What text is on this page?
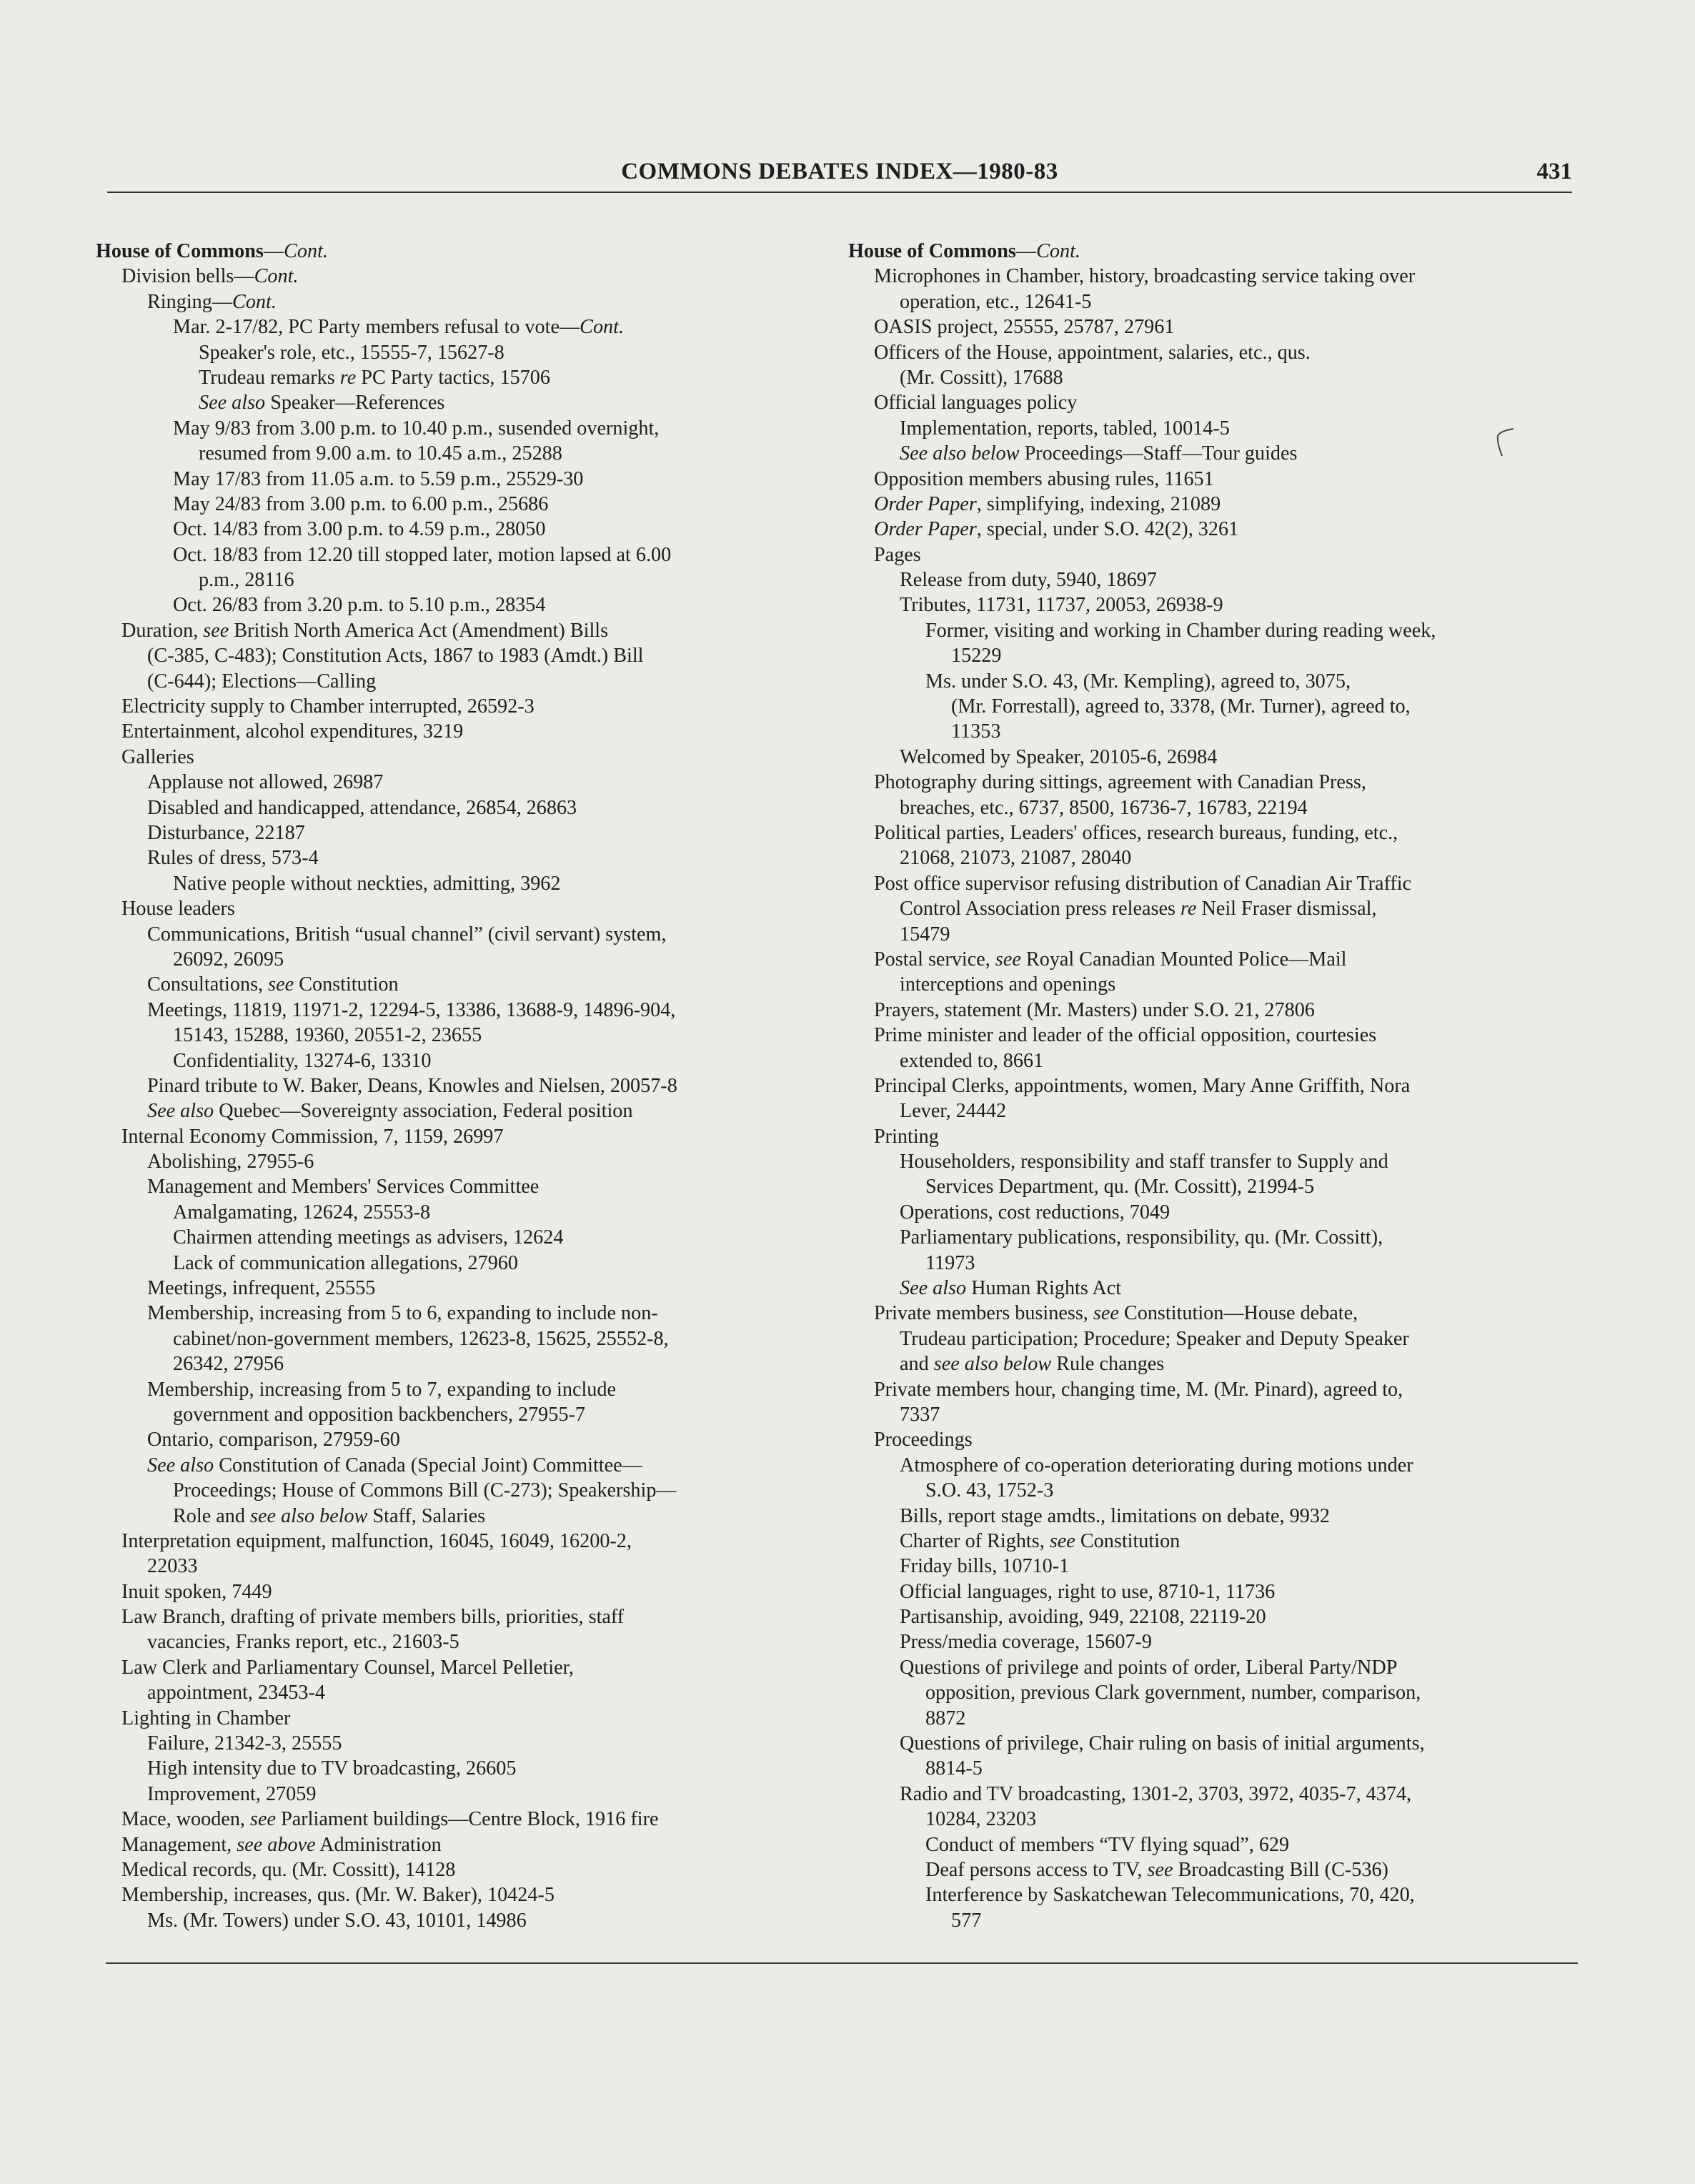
COMMONS DEBATES INDEX—1980-83	431
House of Commons—Cont.
Division bells—Cont.
Ringing—Cont.
Mar. 2-17/82, PC Party members refusal to vote—Cont.
Speaker's role, etc., 15555-7, 15627-8
Trudeau remarks re PC Party tactics, 15706
See also Speaker—References
May 9/83 from 3.00 p.m. to 10.40 p.m., susended overnight,
resumed from 9.00 a.m. to 10.45 a.m., 25288
May 17/83 from 11.05 a.m. to 5.59 p.m., 25529-30
May 24/83 from 3.00 p.m. to 6.00 p.m., 25686
Oct. 14/83 from 3.00 p.m. to 4.59 p.m., 28050
Oct. 18/83 from 12.20 till stopped later, motion lapsed at 6.00
p.m., 28116
Oct. 26/83 from 3.20 p.m. to 5.10 p.m., 28354
Duration, see British North America Act (Amendment) Bills
(C-385, C-483); Constitution Acts, 1867 to 1983 (Amdt.) Bill
(C-644); Elections—Calling
Electricity supply to Chamber interrupted, 26592-3
Entertainment, alcohol expenditures, 3219
Galleries
Applause not allowed, 26987
Disabled and handicapped, attendance, 26854, 26863
Disturbance, 22187
Rules of dress, 573-4
Native people without neckties, admitting, 3962
House leaders
Communications, British “usual channel” (civil servant) system,
26092, 26095
Consultations, see Constitution
Meetings, 11819, 11971-2, 12294-5, 13386, 13688-9, 14896-904,
15143, 15288, 19360, 20551-2, 23655
Confidentiality, 13274-6, 13310
Pinard tribute to W. Baker, Deans, Knowles and Nielsen, 20057-8
See also Quebec—Sovereignty association, Federal position
Internal Economy Commission, 7, 1159, 26997
Abolishing, 27955-6
Management and Members' Services Committee
Amalgamating, 12624, 25553-8
Chairmen attending meetings as advisers, 12624
Lack of communication allegations, 27960
Meetings, infrequent, 25555
Membership, increasing from 5 to 6, expanding to include non-
cabinet/non-government members, 12623-8, 15625, 25552-8,
26342, 27956
Membership, increasing from 5 to 7, expanding to include
government and opposition backbenchers, 27955-7
Ontario, comparison, 27959-60
See also Constitution of Canada (Special Joint) Committee—
Proceedings; House of Commons Bill (C-273); Speakership—
Role and see also below Staff, Salaries
Interpretation equipment, malfunction, 16045, 16049, 16200-2,
22033
Inuit spoken, 7449
Law Branch, drafting of private members bills, priorities, staff
vacancies, Franks report, etc., 21603-5
Law Clerk and Parliamentary Counsel, Marcel Pelletier,
appointment, 23453-4
Lighting in Chamber
Failure, 21342-3, 25555
High intensity due to TV broadcasting, 26605
Improvement, 27059
Mace, wooden, see Parliament buildings—Centre Block, 1916 fire
Management, see above Administration
Medical records, qu. (Mr. Cossitt), 14128
Membership, increases, qus. (Mr. W. Baker), 10424-5
Ms. (Mr. Towers) under S.O. 43, 10101, 14986
House of Commons—Cont.
Microphones in Chamber, history, broadcasting service taking over
operation, etc., 12641-5
OASIS project, 25555, 25787, 27961
Officers of the House, appointment, salaries, etc., qus.
(Mr. Cossitt), 17688
Official languages policy
Implementation, reports, tabled, 10014-5
See also below Proceedings—Staff—Tour guides
Opposition members abusing rules, 11651
Order Paper, simplifying, indexing, 21089
Order Paper, special, under S.O. 42(2), 3261
Pages
Release from duty, 5940, 18697
Tributes, 11731, 11737, 20053, 26938-9
Former, visiting and working in Chamber during reading week,
15229
Ms. under S.O. 43, (Mr. Kempling), agreed to, 3075,
(Mr. Forrestall), agreed to, 3378, (Mr. Turner), agreed to,
11353
Welcomed by Speaker, 20105-6, 26984
Photography during sittings, agreement with Canadian Press,
breaches, etc., 6737, 8500, 16736-7, 16783, 22194
Political parties, Leaders' offices, research bureaus, funding, etc.,
21068, 21073, 21087, 28040
Post office supervisor refusing distribution of Canadian Air Traffic
Control Association press releases re Neil Fraser dismissal,
15479
Postal service, see Royal Canadian Mounted Police—Mail
interceptions and openings
Prayers, statement (Mr. Masters) under S.O. 21, 27806
Prime minister and leader of the official opposition, courtesies
extended to, 8661
Principal Clerks, appointments, women, Mary Anne Griffith, Nora
Lever, 24442
Printing
Householders, responsibility and staff transfer to Supply and
Services Department, qu. (Mr. Cossitt), 21994-5
Operations, cost reductions, 7049
Parliamentary publications, responsibility, qu. (Mr. Cossitt),
11973
See also Human Rights Act
Private members business, see Constitution—House debate,
Trudeau participation; Procedure; Speaker and Deputy Speaker
and see also below Rule changes
Private members hour, changing time, M. (Mr. Pinard), agreed to,
7337
Proceedings
Atmosphere of co-operation deteriorating during motions under
S.O. 43, 1752-3
Bills, report stage amdts., limitations on debate, 9932
Charter of Rights, see Constitution
Friday bills, 10710-1
Official languages, right to use, 8710-1, 11736
Partisanship, avoiding, 949, 22108, 22119-20
Press/media coverage, 15607-9
Questions of privilege and points of order, Liberal Party/NDP
opposition, previous Clark government, number, comparison,
8872
Questions of privilege, Chair ruling on basis of initial arguments,
8814-5
Radio and TV broadcasting, 1301-2, 3703, 3972, 4035-7, 4374,
10284, 23203
Conduct of members “TV flying squad”, 629
Deaf persons access to TV, see Broadcasting Bill (C-536)
Interference by Saskatchewan Telecommunications, 70, 420,
577
